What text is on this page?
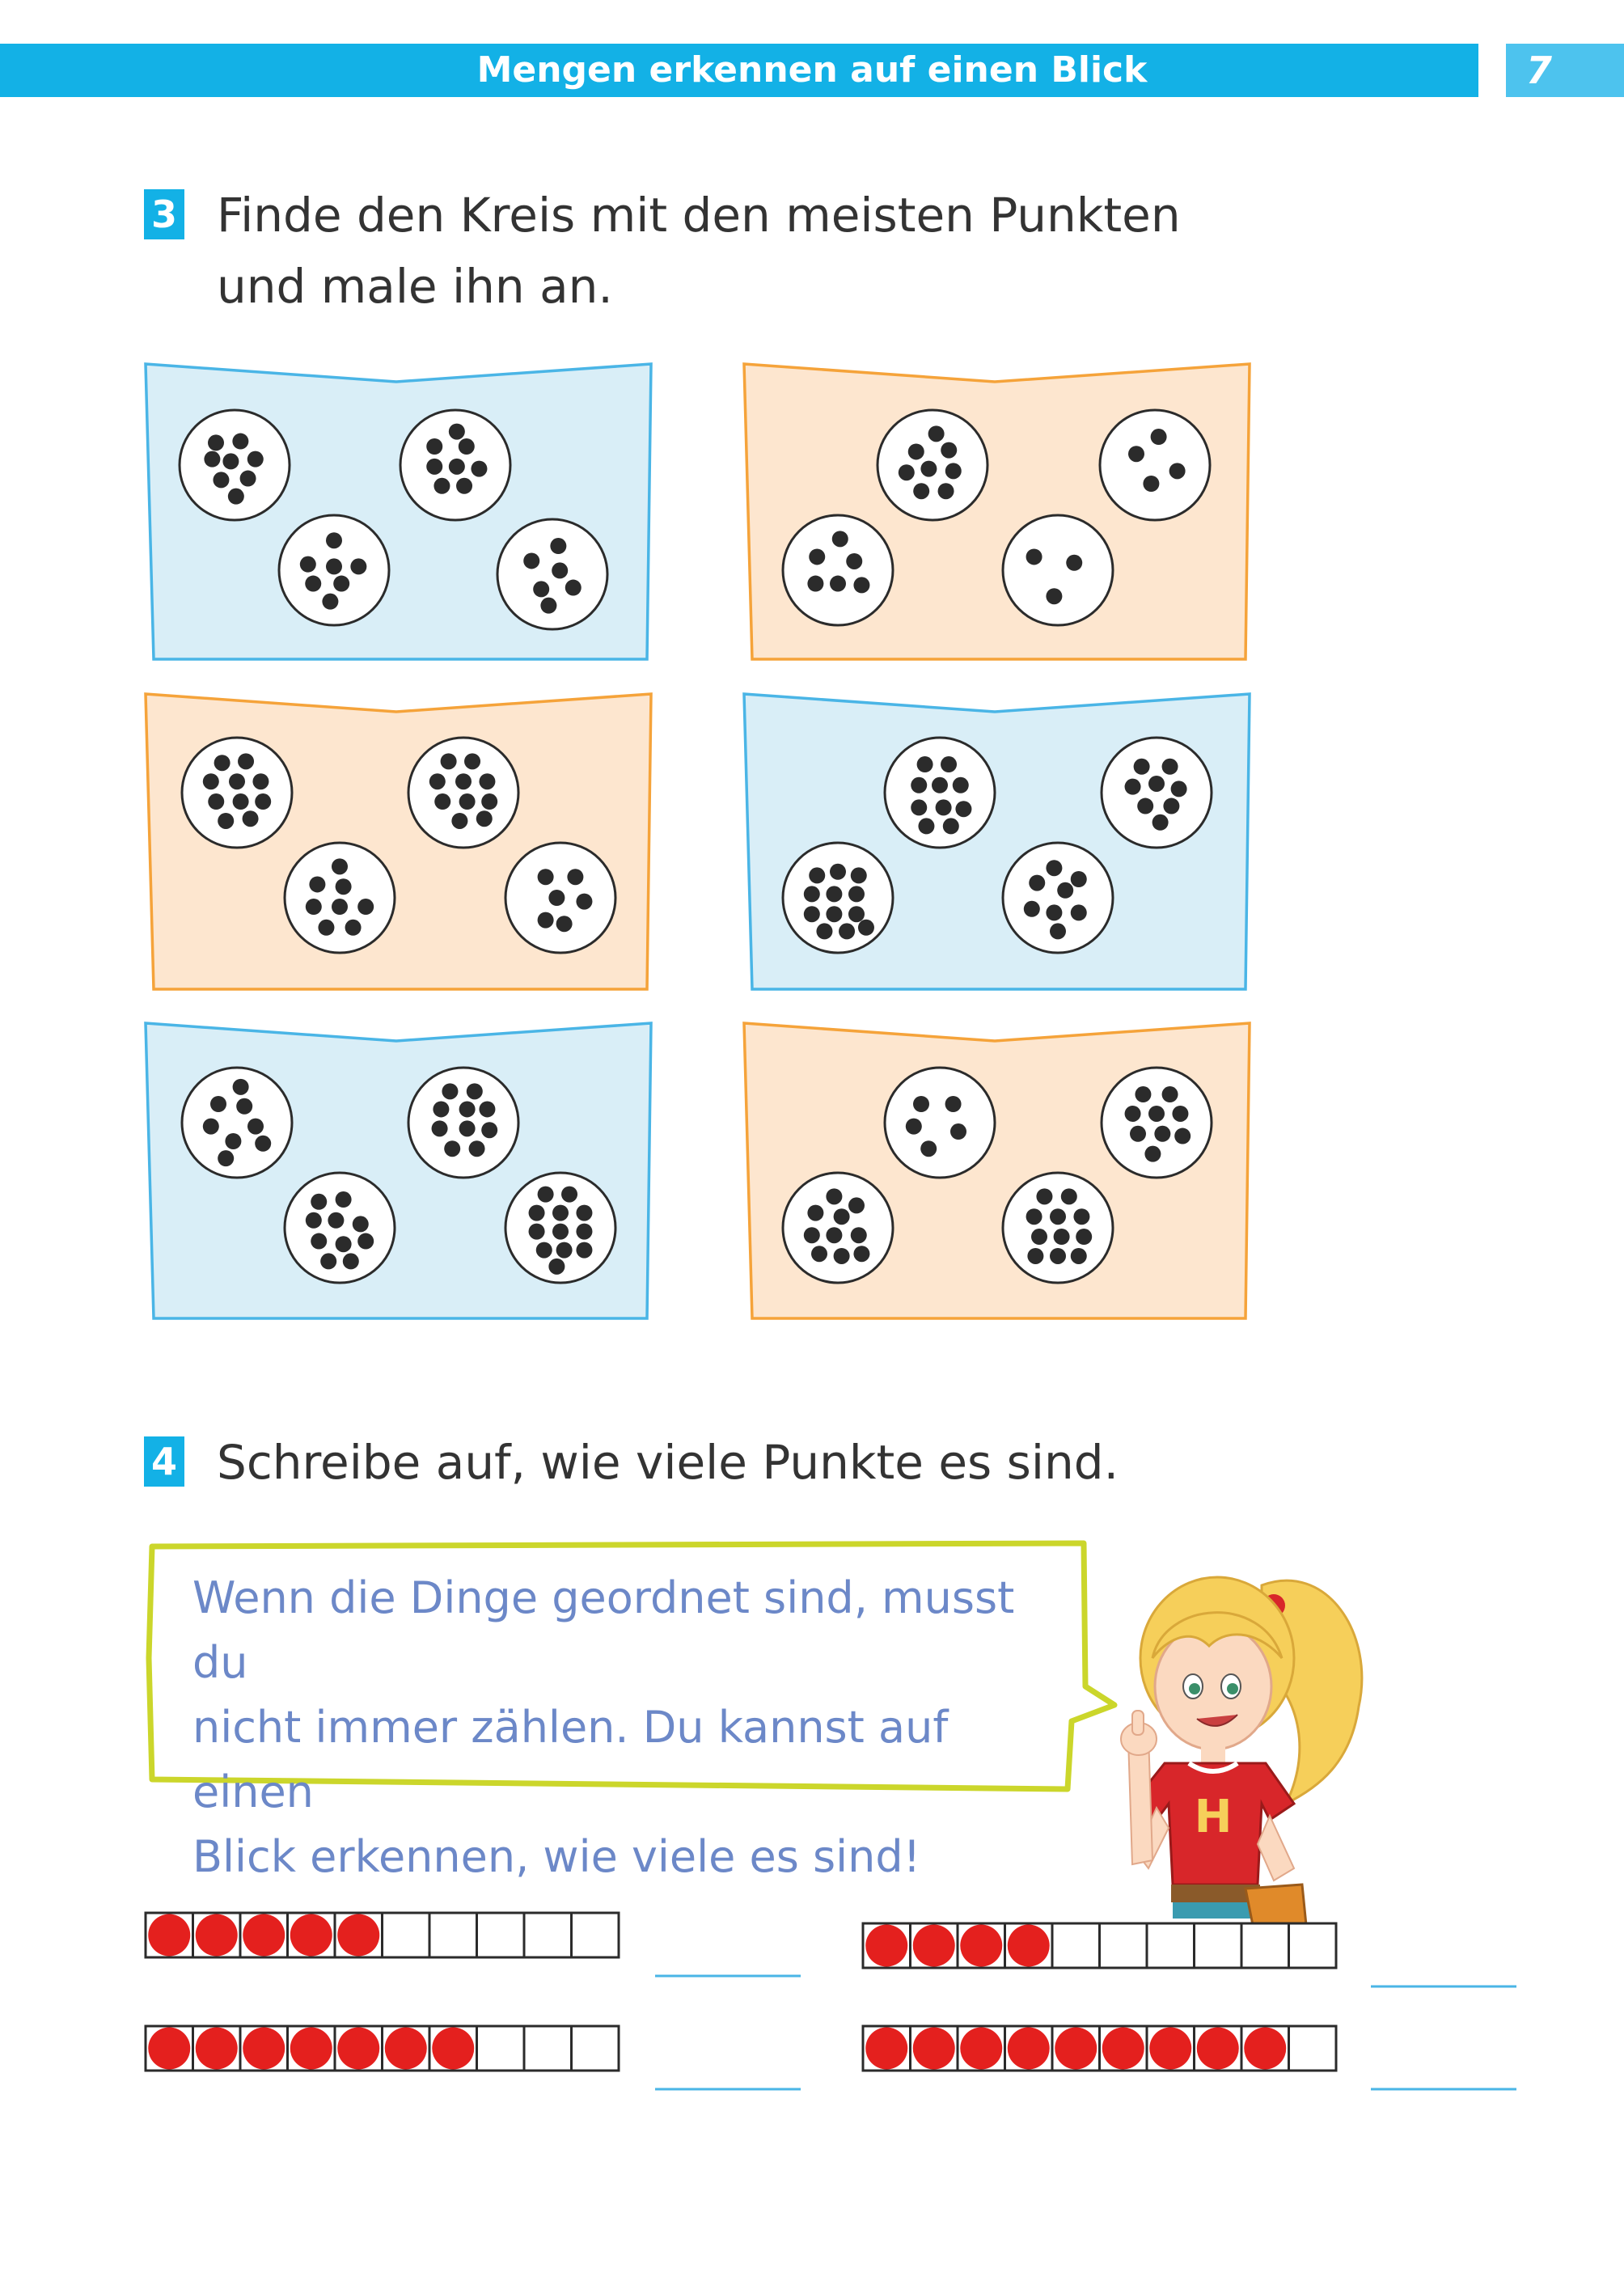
Mengen erkennen auf einen Blick	7
3 Finde den Kreis mit den meisten Punkten
und male ihn an.
4 Schreibe auf, wie viele Punkte es sind.
Wenn die Dinge geordnet sind, musst du
nicht immer zählen. Du kannst auf einen
Blick erkennen, wie viele es sind!
H
